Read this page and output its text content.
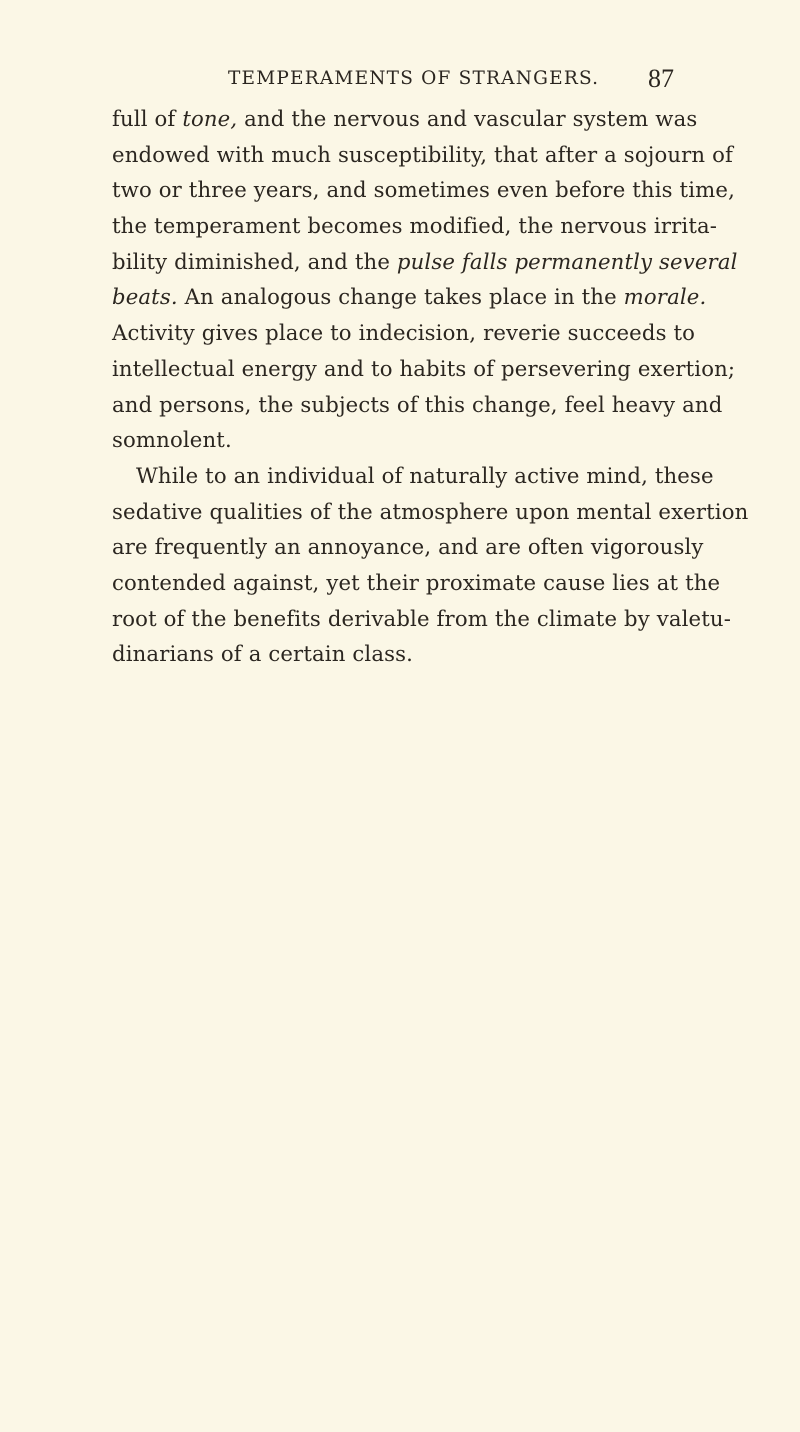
TEMPERAMENTS OF STRANGERS. 87
full of tone, and the nervous and vascular system was
endowed with much susceptibility, that after a sojourn of
two or three years, and sometimes even before this time,
the temperament becomes modified, the nervous irrita-
bility diminished, and the pulse falls permanently several
beats. An analogous change takes place in the morale.
Activity gives place to indecision, reverie succeeds to
intellectual energy and to habits of persevering exertion;
and persons, the subjects of this change, feel heavy and
somnolent.
While to an individual of naturally active mind, these
sedative qualities of the atmosphere upon mental exertion
are frequently an annoyance, and are often vigorously
contended against, yet their proximate cause lies at the
root of the benefits derivable from the climate by valetu-
dinarians of a certain class.
